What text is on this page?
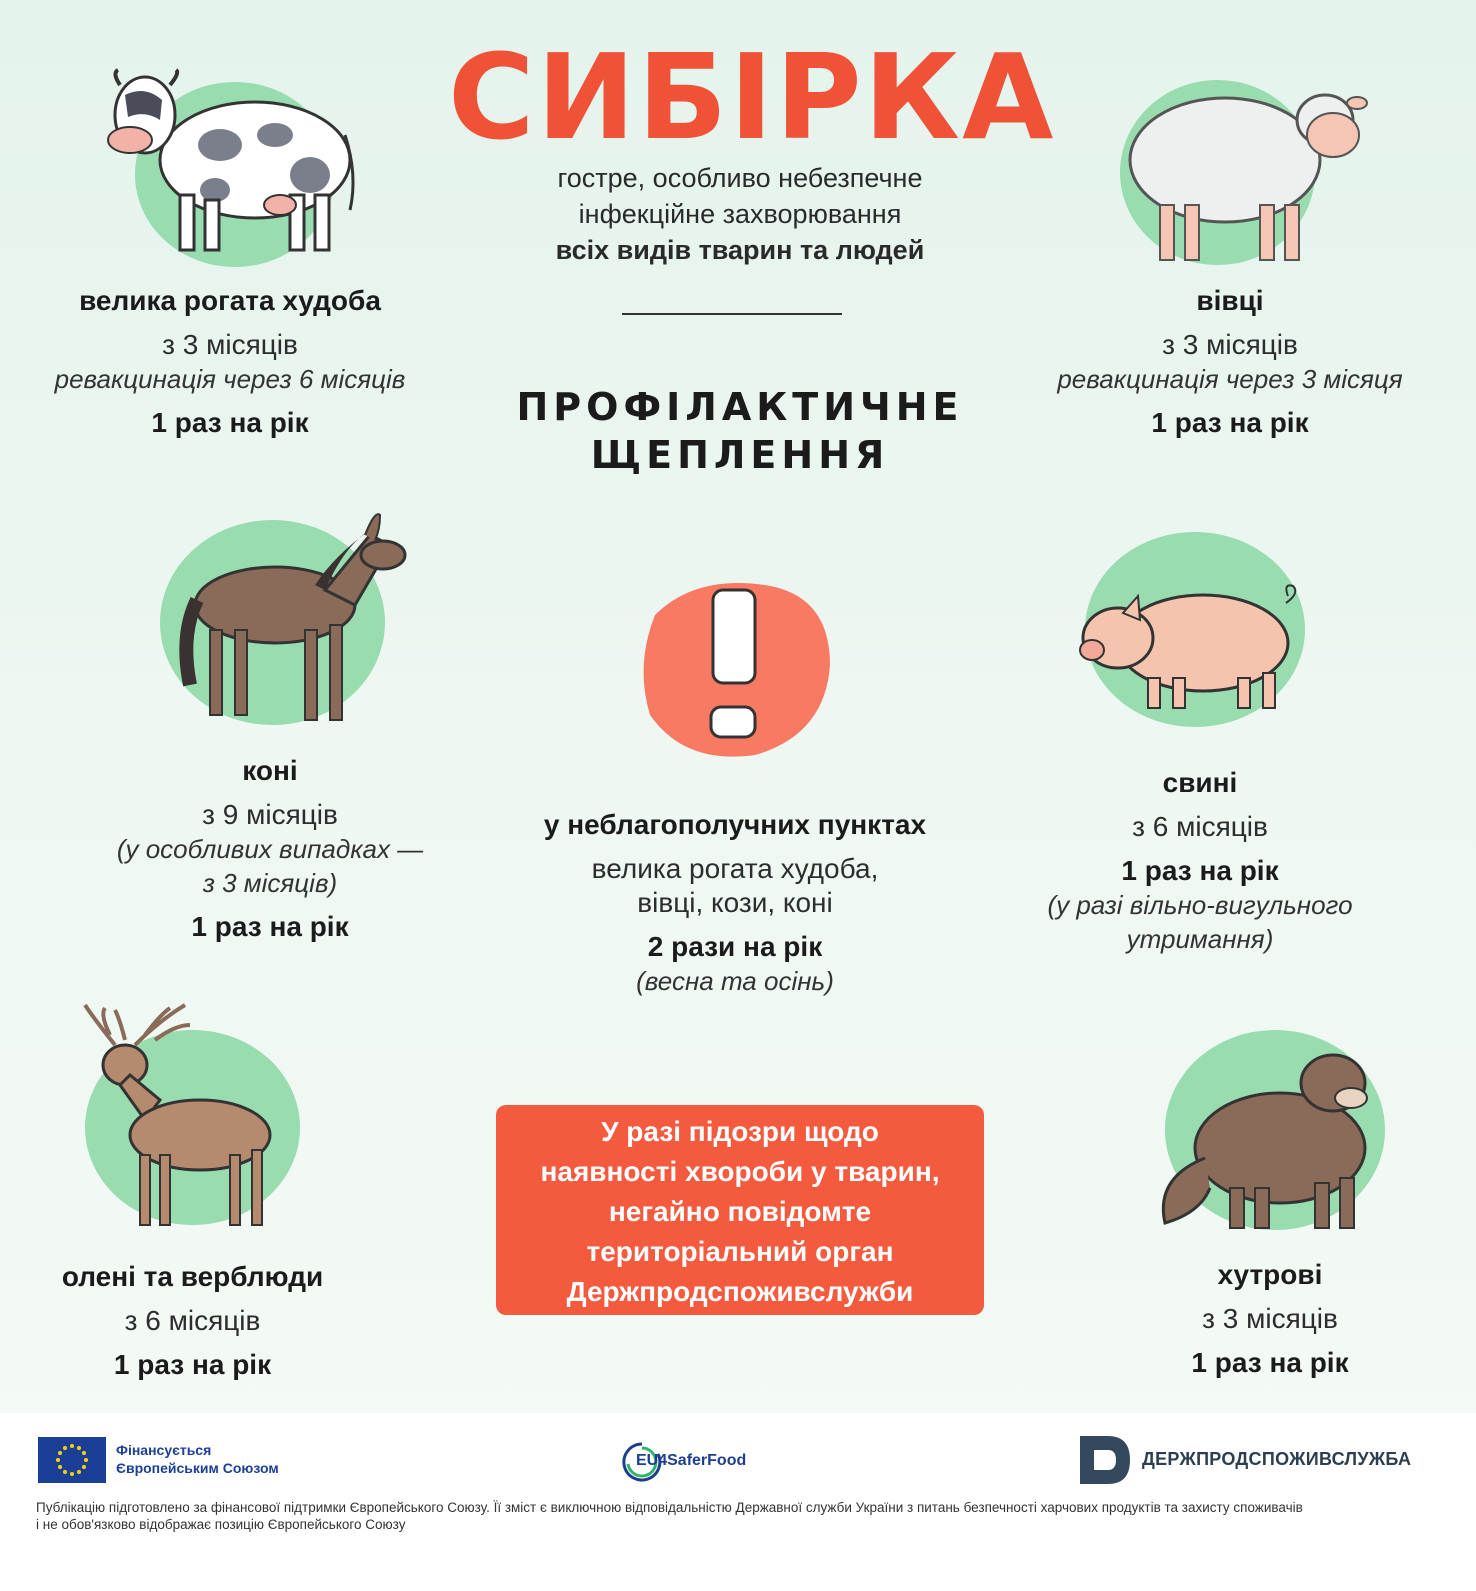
СИБІРКА
гостре, особливо небезпечне
інфекційне захворювання
всіх видів тварин та людей
ПРОФІЛАКТИЧНЕ
ЩЕПЛЕННЯ
велика рогата худоба
з 3 місяців
ревакцинація через 6 місяців
1 раз на рік
вівці
з 3 місяців
ревакцинація через 3 місяця
1 раз на рік
коні
з 9 місяців
(у особливих випадках —
з 3 місяців)
1 раз на рік
свині
з 6 місяців
1 раз на рік
(у разі вільно-вигульного
утримання)
у неблагополучних пунктах
велика рогата худоба,
вівці, кози, коні
2 рази на рік
(весна та осінь)
олені та верблюди
з 6 місяців
1 раз на рік
У разі підозри щодо
наявності хвороби у тварин,
негайно повідомте
територіальний орган
Держпродспоживслужби
хутрові
з 3 місяців
1 раз на рік
Фінансується
Європейським Союзом	EU4SaferFood	ДЕРЖПРОДСПОЖИВСЛУЖБА
Публікацію підготовлено за фінансової підтримки Європейського Союзу. Її зміст є виключною відповідальністю Державної служби України з питань безпечності харчових продуктів та захисту споживачів
і не обов'язково відображає позицію Європейського Союзу
